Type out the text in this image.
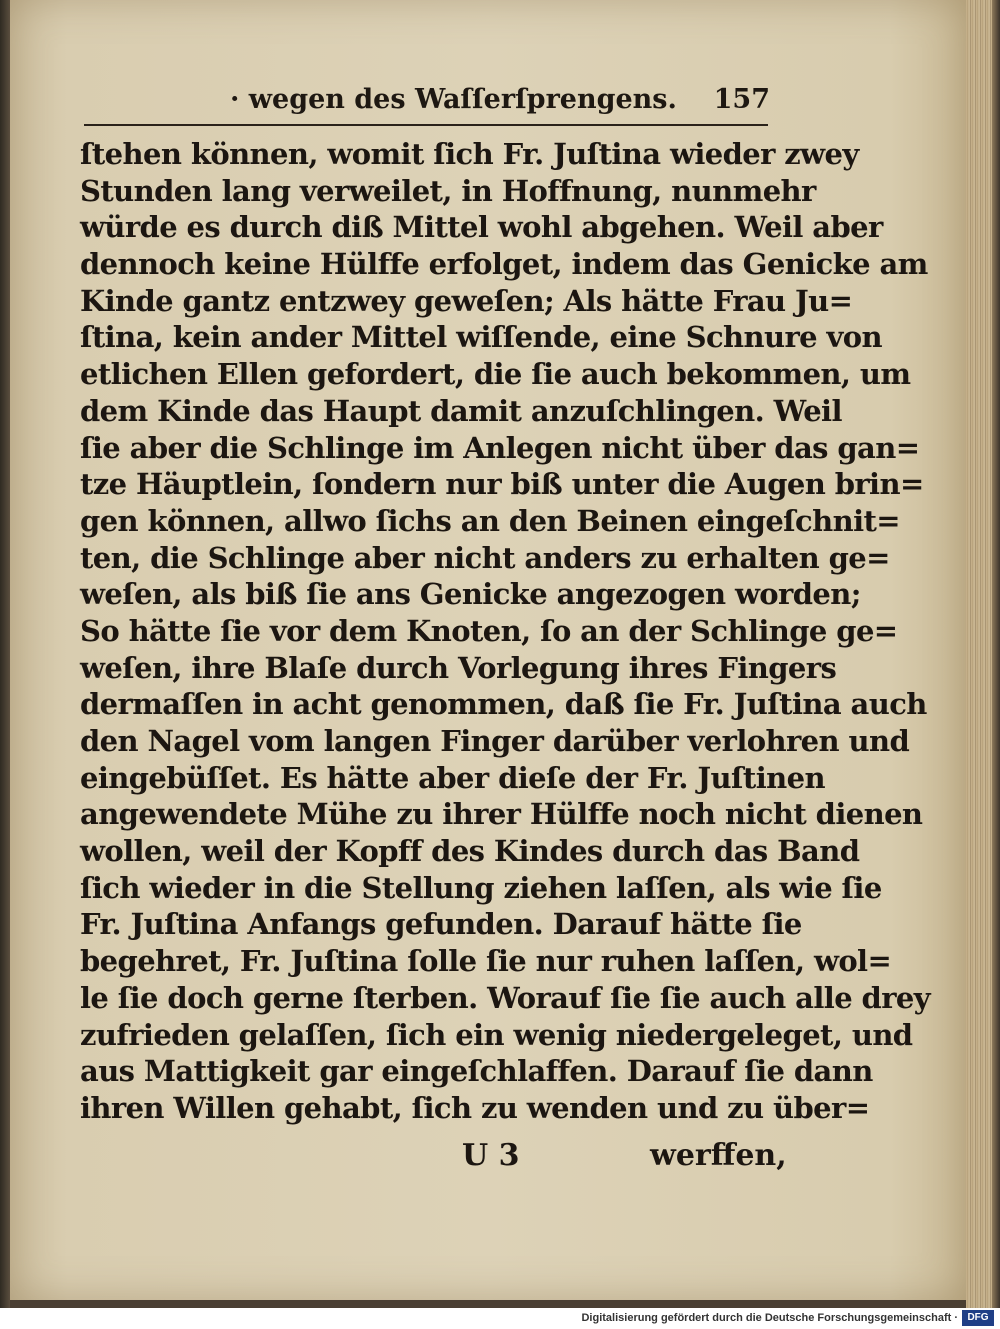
· wegen des Waſſerſprengens. 157
ſtehen können, womit ſich Fr. Juſtina wieder zwey
Stunden lang verweilet, in Hoffnung, nunmehr
würde es durch diß Mittel wohl abgehen. Weil aber
dennoch keine Hülffe erfolget, indem das Genicke am
Kinde gantz entzwey geweſen; Als hätte Frau Ju=
ſtina, kein ander Mittel wiſſende, eine Schnure von
etlichen Ellen gefordert, die ſie auch bekommen, um
dem Kinde das Haupt damit anzuſchlingen. Weil
ſie aber die Schlinge im Anlegen nicht über das gan=
tze Häuptlein, ſondern nur biß unter die Augen brin=
gen können, allwo ſichs an den Beinen eingeſchnit=
ten, die Schlinge aber nicht anders zu erhalten ge=
weſen, als biß ſie ans Genicke angezogen worden;
So hätte ſie vor dem Knoten, ſo an der Schlinge ge=
weſen, ihre Blaſe durch Vorlegung ihres Fingers
dermaſſen in acht genommen, daß ſie Fr. Juſtina auch
den Nagel vom langen Finger darüber verlohren und
eingebüſſet. Es hätte aber dieſe der Fr. Juſtinen
angewendete Mühe zu ihrer Hülffe noch nicht dienen
wollen, weil der Kopff des Kindes durch das Band
ſich wieder in die Stellung ziehen laſſen, als wie ſie
Fr. Juſtina Anfangs gefunden. Darauf hätte ſie
begehret, Fr. Juſtina ſolle ſie nur ruhen laſſen, wol=
le ſie doch gerne ſterben. Worauf ſie ſie auch alle drey
zufrieden gelaſſen, ſich ein wenig niedergeleget, und
aus Mattigkeit gar eingeſchlaffen. Darauf ſie dann
ihren Willen gehabt, ſich zu wenden und zu über=
U 3	werffen,
Digitalisierung gefördert durch die Deutsche Forschungsgemeinschaft · DFG
